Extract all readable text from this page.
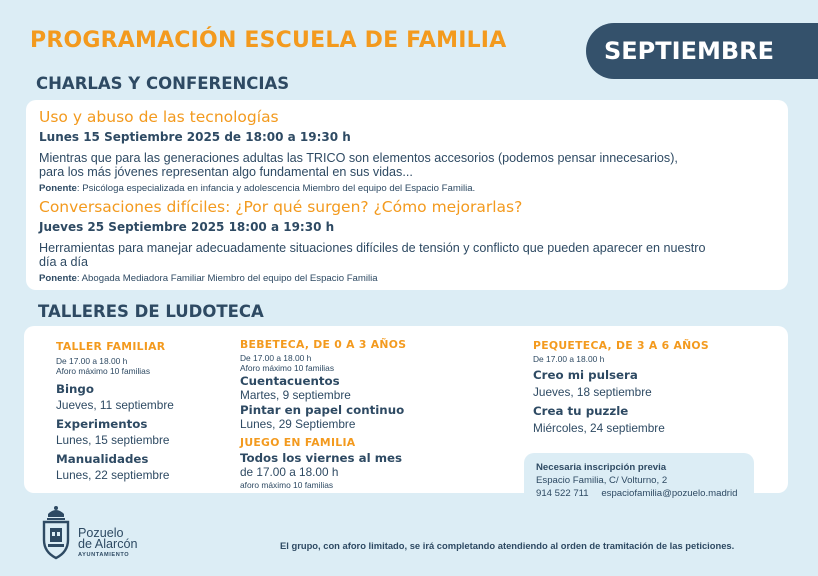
PROGRAMACIÓN ESCUELA DE FAMILIA	SEPTIEMBRE
CHARLAS Y CONFERENCIAS
Uso y abuso de las tecnologías
Lunes 15 Septiembre 2025 de 18:00 a 19:30 h
Mientras que para las generaciones adultas las TRICO son elementos accesorios (podemos pensar innecesarios),
para los más jóvenes representan algo fundamental en sus vidas...
Ponente: Psicóloga especializada en infancia y adolescencia Miembro del equipo del Espacio Familia.
Conversaciones difíciles: ¿Por qué surgen? ¿Cómo mejorarlas?
Jueves 25 Septiembre 2025 18:00 a 19:30 h
Herramientas para manejar adecuadamente situaciones difíciles de tensión y conflicto que pueden aparecer en nuestro
día a día
Ponente: Abogada Mediadora Familiar Miembro del equipo del Espacio Familia
TALLERES DE LUDOTECA
TALLER FAMILIAR
De 17.00 a 18.00 h
Aforo máximo 10 familias
Bingo
Jueves, 11 septiembre
Experimentos
Lunes, 15 septiembre
Manualidades
Lunes, 22 septiembre
BEBETECA, DE 0 A 3 AÑOS
De 17.00 a 18.00 h
Aforo máximo 10 familias
Cuentacuentos
Martes, 9 septiembre
Pintar en papel continuo
Lunes, 29 Septiembre
JUEGO EN FAMILIA
Todos los viernes al mes
de 17.00 a 18.00 h
aforo máximo 10 familias
PEQUETECA, DE 3 A 6 AÑOS
De 17.00 a 18.00 h
Creo mi pulsera
Jueves, 18 septiembre
Crea tu puzzle
Miércoles, 24 septiembre
Necesaria inscripción previa
Espacio Familia, C/ Volturno, 2
914 522 711 espaciofamilia@pozuelo.madrid
Pozuelo
de Alarcón
AYUNTAMIENTO
El grupo, con aforo limitado, se irá completando atendiendo al orden de tramitación de las peticiones.
